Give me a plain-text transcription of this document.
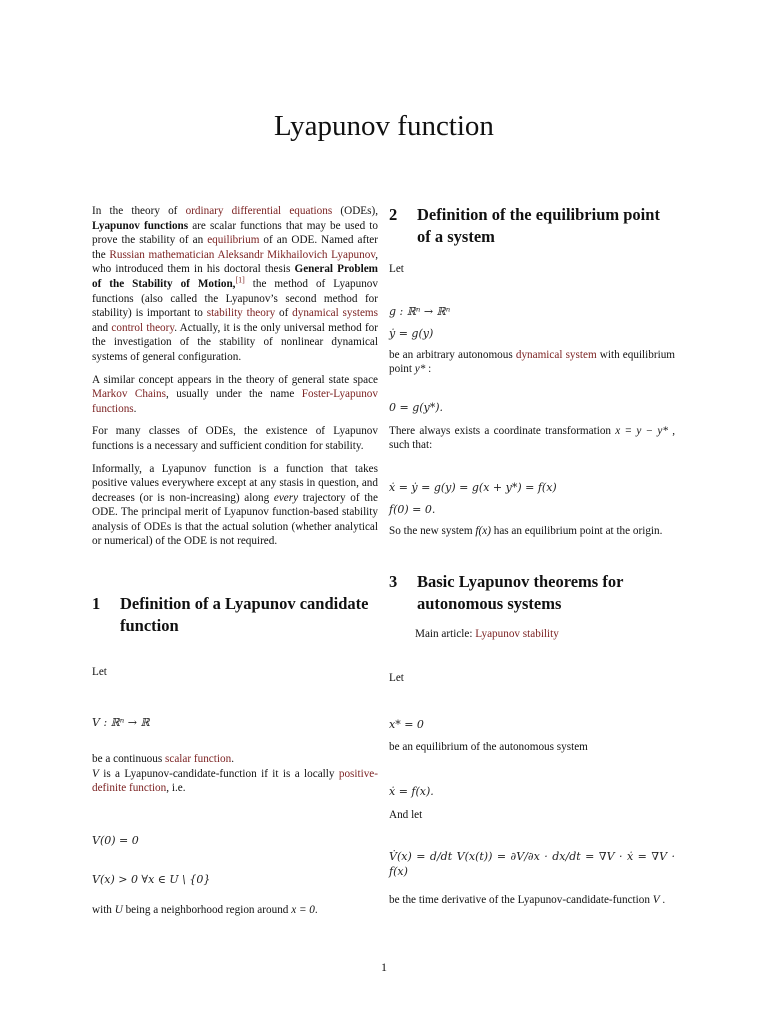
Lyapunov function

In the theory of ordinary differential equations (ODEs), Lyapunov functions are scalar functions that may be used to prove the stability of an equilibrium of an ODE. Named after the Russian mathematician Aleksandr Mikhailovich Lyapunov, who introduced them in his doctoral thesis General Problem of the Stability of Motion,[1] the method of Lyapunov functions (also called the Lyapunov’s second method for stability) is important to stability theory of dynamical systems and control theory. Actually, it is the only universal method for the investigation of the stability of nonlinear dynamical systems of general configuration.

A similar concept appears in the theory of general state space Markov Chains, usually under the name Foster-Lyapunov functions.

For many classes of ODEs, the existence of Lyapunov functions is a necessary and sufficient condition for stability.

Informally, a Lyapunov function is a function that takes positive values everywhere except at any stasis in question, and decreases (or is non-increasing) along every trajectory of the ODE. The principal merit of Lyapunov function-based stability analysis of ODEs is that the actual solution (whether analytical or numerical) of the ODE is not required.

1	Definition of a Lyapunov candidate function

Let

V : ℝⁿ → ℝ

be a continuous scalar function.

V is a Lyapunov-candidate-function if it is a locally positive-definite function, i.e.

V(0) = 0

V(x) > 0 ∀x ∈ U \ {0}

with U being a neighborhood region around x = 0.

2	Definition of the equilibrium point of a system

Let

g : ℝⁿ → ℝⁿ

ẏ = g(y)

be an arbitrary autonomous dynamical system with equilibrium point y* :

0 = g(y*).

There always exists a coordinate transformation x = y − y* , such that:

ẋ = ẏ = g(y) = g(x + y*) = f(x)

f(0) = 0.

So the new system f(x) has an equilibrium point at the origin.

3	Basic Lyapunov theorems for autonomous systems

Main article: Lyapunov stability

Let

x* = 0

be an equilibrium of the autonomous system

ẋ = f(x).

And let

V̇(x) = d/dt V(x(t)) = ∂V/∂x · dx/dt = ∇V · ẋ = ∇V · f(x)

be the time derivative of the Lyapunov-candidate-function V .

1
